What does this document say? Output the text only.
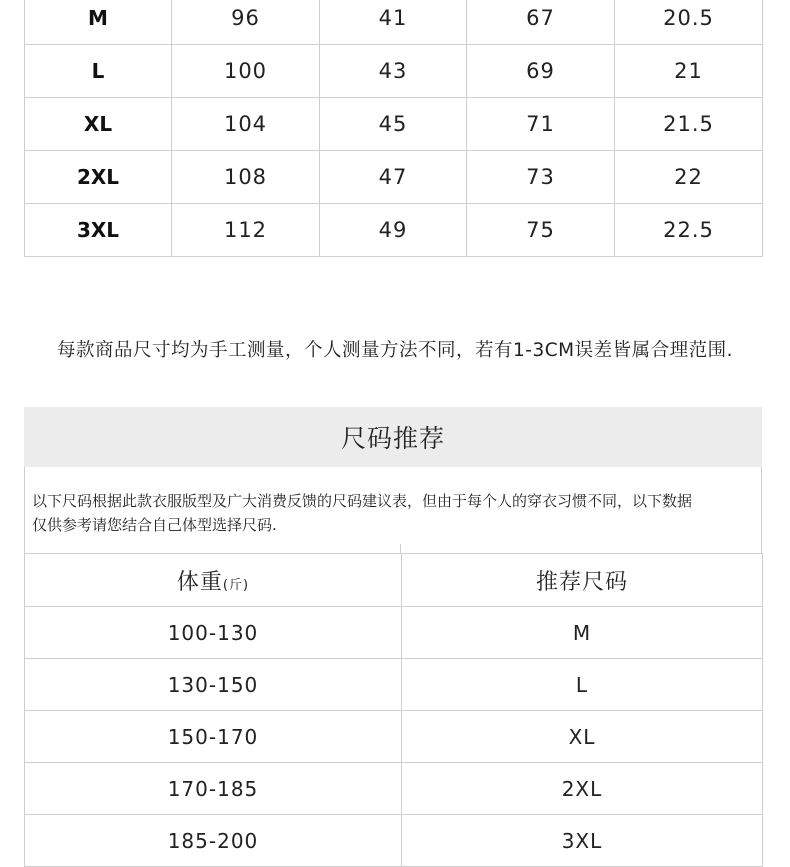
M	96	41	67	20.5
L	100	43	69	21
XL	104	45	71	21.5
2XL	108	47	73	22
3XL	112	49	75	22.5
每款商品尺寸均为手工测量，个人测量方法不同，若有1-3CM误差皆属合理范围.
尺码推荐
以下尺码根据此款衣服版型及广大消费反馈的尺码建议表，但由于每个人的穿衣习惯不同，以下数据
仅供参考请您结合自己体型选择尺码.
体重(斤)	推荐尺码
100-130	M
130-150	L
150-170	XL
170-185	2XL
185-200	3XL
